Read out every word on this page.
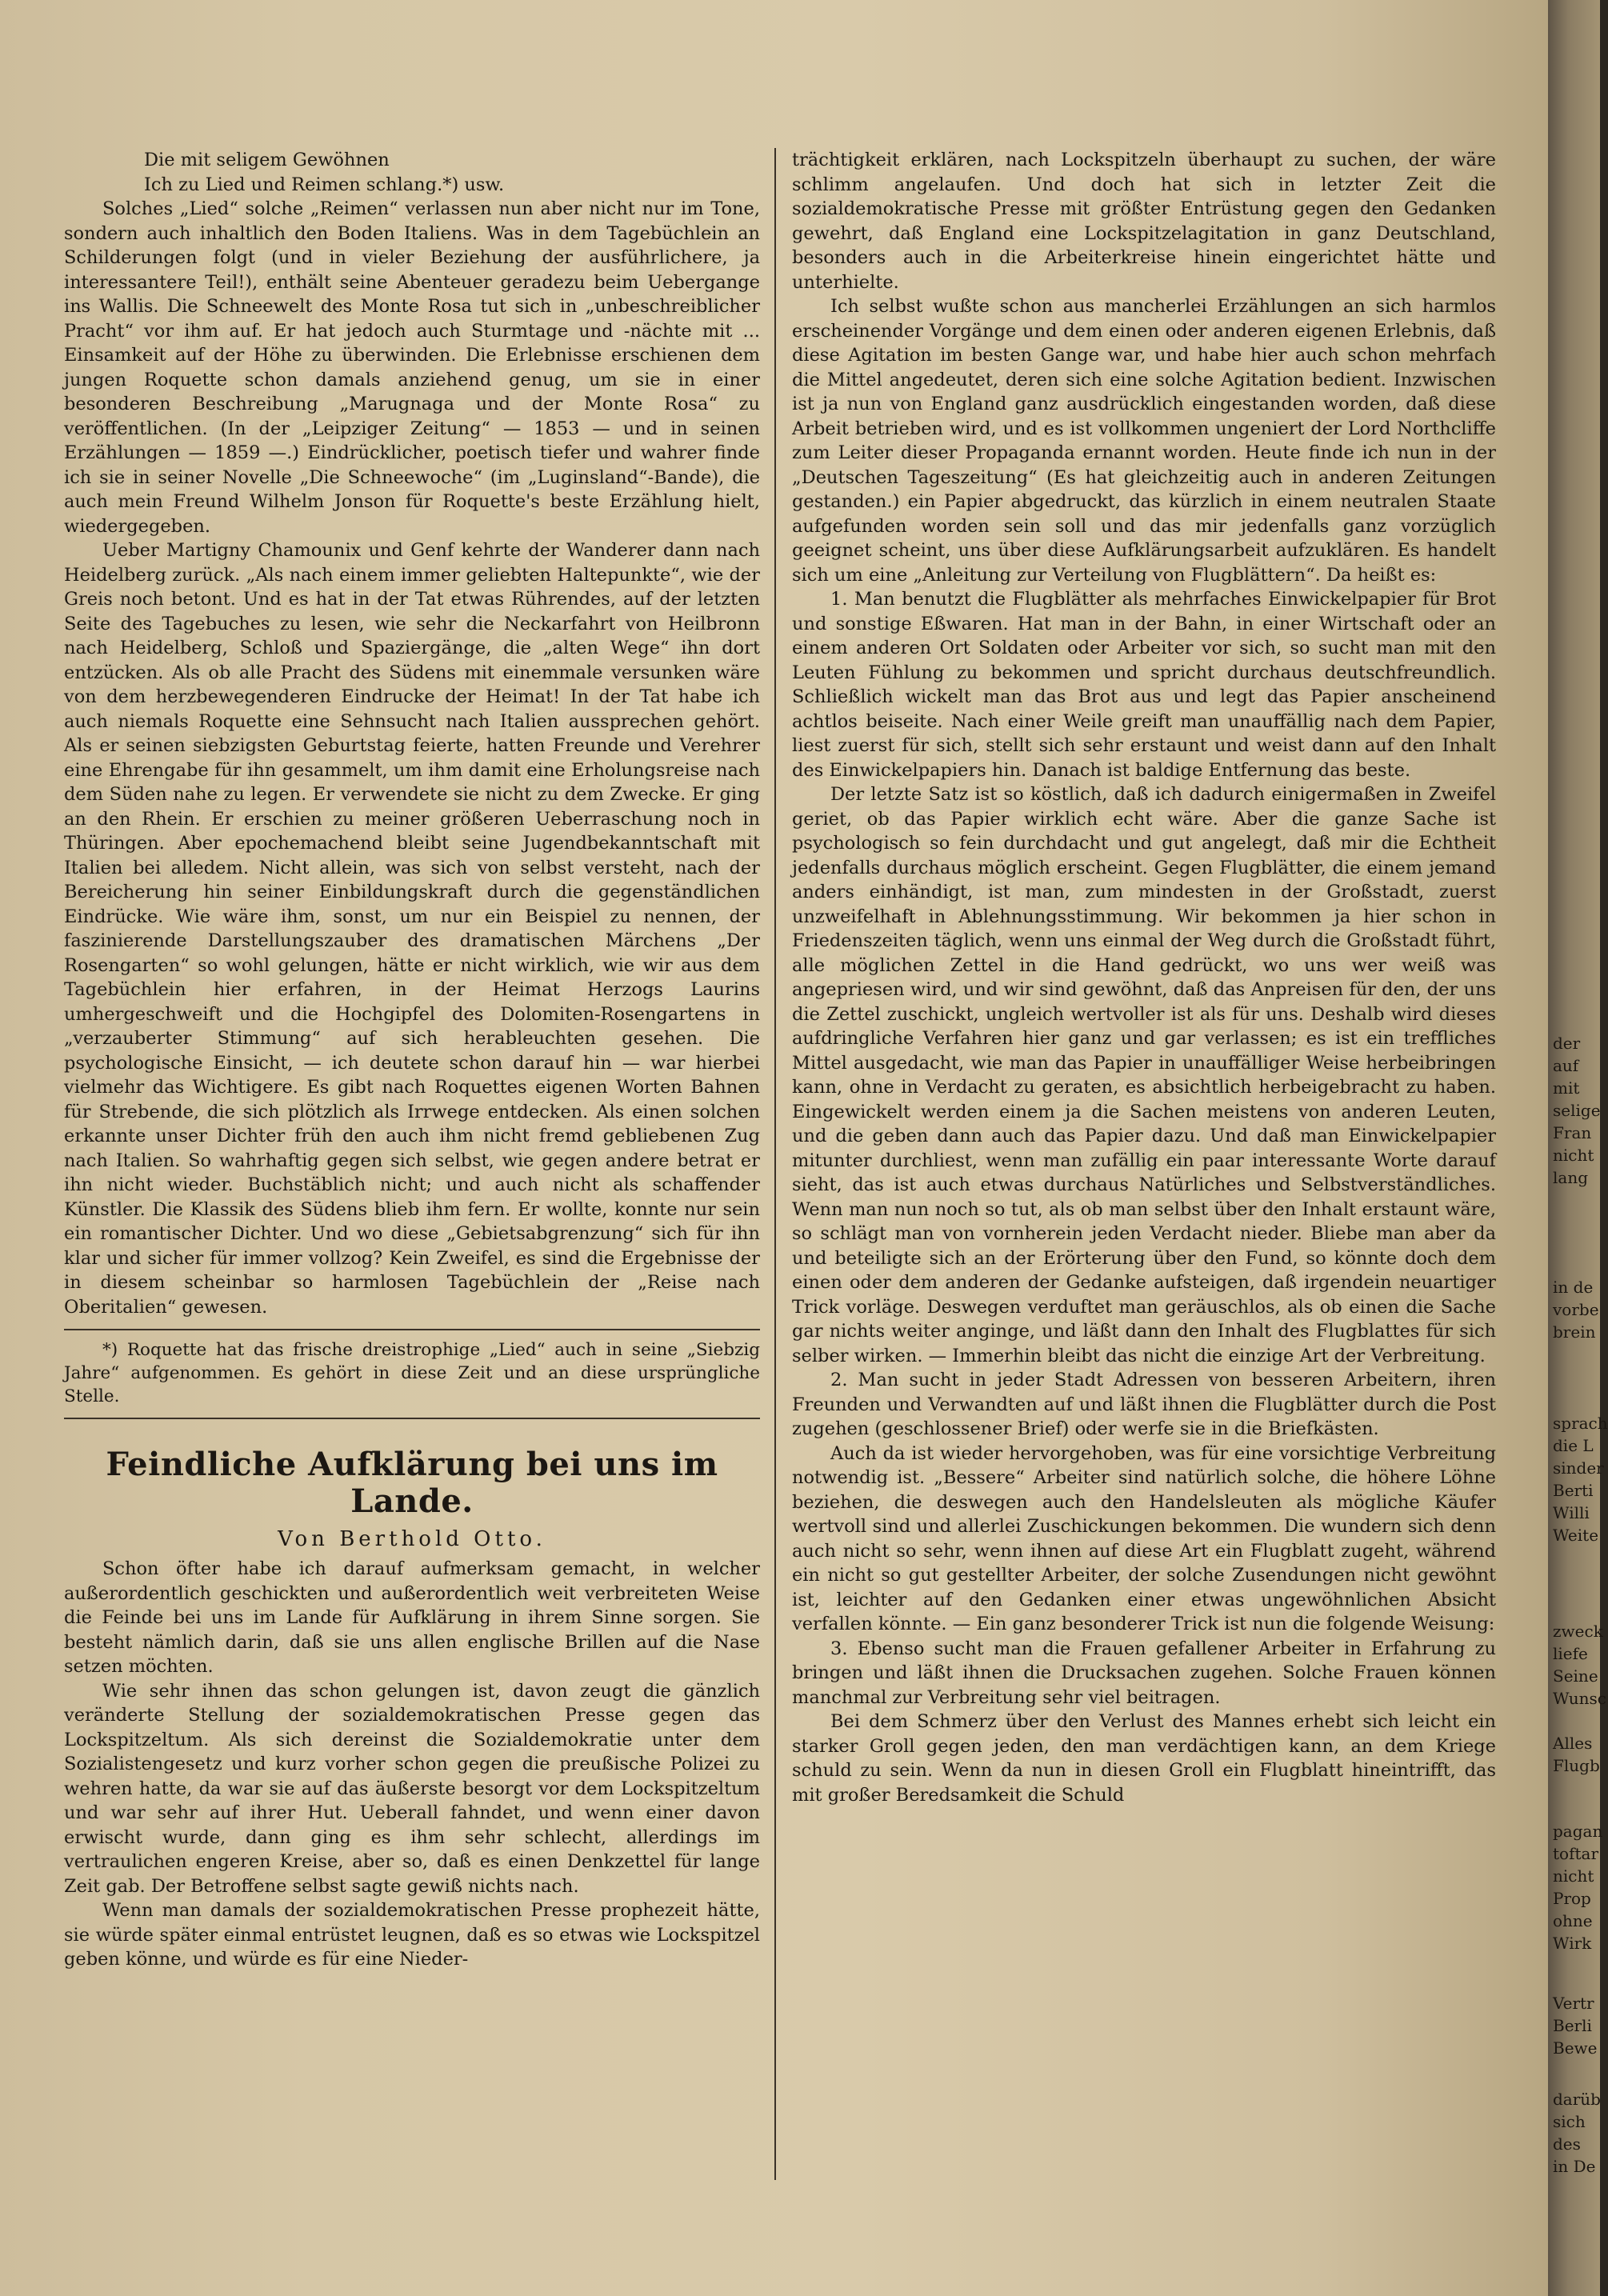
Die mit seligem Gewöhnen
Ich zu Lied und Reimen schlang.*) usw.

Solches „Lied“ solche „Reimen“ verlassen nun aber nicht nur im Tone, sondern auch inhaltlich den Boden Italiens. Was in dem Tagebüchlein an Schilderungen folgt (und in vieler Beziehung der ausführlichere, ja interessantere Teil!), enthält seine Abenteuer geradezu beim Uebergange ins Wallis. Die Schneewelt des Monte Rosa tut sich in „unbeschreiblicher Pracht“ vor ihm auf. Er hat jedoch auch Sturmtage und -nächte mit ... Einsamkeit auf der Höhe zu überwinden. Die Erlebnisse erschienen dem jungen Roquette schon damals anziehend genug, um sie in einer besonderen Beschreibung „Marugnaga und der Monte Rosa“ zu veröffentlichen. (In der „Leipziger Zeitung“ — 1853 — und in seinen Erzählungen — 1859 —.) Eindrücklicher, poetisch tiefer und wahrer finde ich sie in seiner Novelle „Die Schneewoche“ (im „Luginsland“-Bande), die auch mein Freund Wilhelm Jonson für Roquette's beste Erzählung hielt, wiedergegeben.

Ueber Martigny Chamounix und Genf kehrte der Wanderer dann nach Heidelberg zurück. „Als nach einem immer geliebten Haltepunkte“, wie der Greis noch betont. Und es hat in der Tat etwas Rührendes, auf der letzten Seite des Tagebuches zu lesen, wie sehr die Neckarfahrt von Heilbronn nach Heidelberg, Schloß und Spaziergänge, die „alten Wege“ ihn dort entzücken. Als ob alle Pracht des Südens mit einemmale versunken wäre von dem herzbewegenderen Eindrucke der Heimat! In der Tat habe ich auch niemals Roquette eine Sehnsucht nach Italien aussprechen gehört. Als er seinen siebzigsten Geburtstag feierte, hatten Freunde und Verehrer eine Ehrengabe für ihn gesammelt, um ihm damit eine Erholungsreise nach dem Süden nahe zu legen. Er verwendete sie nicht zu dem Zwecke. Er ging an den Rhein. Er erschien zu meiner größeren Ueberraschung noch in Thüringen. Aber epochemachend bleibt seine Jugendbekanntschaft mit Italien bei alledem. Nicht allein, was sich von selbst versteht, nach der Bereicherung hin seiner Einbildungskraft durch die gegenständlichen Eindrücke. Wie wäre ihm, sonst, um nur ein Beispiel zu nennen, der faszinierende Darstellungszauber des dramatischen Märchens „Der Rosengarten“ so wohl gelungen, hätte er nicht wirklich, wie wir aus dem Tagebüchlein hier erfahren, in der Heimat Herzogs Laurins umhergeschweift und die Hochgipfel des Dolomiten-Rosengartens in „verzauberter Stimmung“ auf sich herableuchten gesehen. Die psychologische Einsicht, — ich deutete schon darauf hin — war hierbei vielmehr das Wichtigere. Es gibt nach Roquettes eigenen Worten Bahnen für Strebende, die sich plötzlich als Irrwege entdecken. Als einen solchen erkannte unser Dichter früh den auch ihm nicht fremd gebliebenen Zug nach Italien. So wahrhaftig gegen sich selbst, wie gegen andere betrat er ihn nicht wieder. Buchstäblich nicht; und auch nicht als schaffender Künstler. Die Klassik des Südens blieb ihm fern. Er wollte, konnte nur sein ein romantischer Dichter. Und wo diese „Gebietsabgrenzung“ sich für ihn klar und sicher für immer vollzog? Kein Zweifel, es sind die Ergebnisse der in diesem scheinbar so harmlosen Tagebüchlein der „Reise nach Oberitalien“ gewesen.

*) Roquette hat das frische dreistrophige „Lied“ auch in seine „Siebzig Jahre“ aufgenommen. Es gehört in diese Zeit und an diese ursprüngliche Stelle.

Feindliche Aufklärung bei uns im Lande.
Von Berthold Otto.

Schon öfter habe ich darauf aufmerksam gemacht, in welcher außerordentlich geschickten und außerordentlich weit verbreiteten Weise die Feinde bei uns im Lande für Aufklärung in ihrem Sinne sorgen. Sie besteht nämlich darin, daß sie uns allen englische Brillen auf die Nase setzen möchten.

Wie sehr ihnen das schon gelungen ist, davon zeugt die gänzlich veränderte Stellung der sozialdemokratischen Presse gegen das Lockspitzeltum. Als sich dereinst die Sozialdemokratie unter dem Sozialistengesetz und kurz vorher schon gegen die preußische Polizei zu wehren hatte, da war sie auf das äußerste besorgt vor dem Lockspitzeltum und war sehr auf ihrer Hut. Ueberall fahndet, und wenn einer davon erwischt wurde, dann ging es ihm sehr schlecht, allerdings im vertraulichen engeren Kreise, aber so, daß es einen Denkzettel für lange Zeit gab. Der Betroffene selbst sagte gewiß nichts nach.

Wenn man damals der sozialdemokratischen Presse prophezeit hätte, sie würde später einmal entrüstet leugnen, daß es so etwas wie Lockspitzel geben könne, und würde es für eine Nieder-

trächtigkeit erklären, nach Lockspitzeln überhaupt zu suchen, der wäre schlimm angelaufen. Und doch hat sich in letzter Zeit die sozialdemokratische Presse mit größter Entrüstung gegen den Gedanken gewehrt, daß England eine Lockspitzelagitation in ganz Deutschland, besonders auch in die Arbeiterkreise hinein eingerichtet hätte und unterhielte.

Ich selbst wußte schon aus mancherlei Erzählungen an sich harmlos erscheinender Vorgänge und dem einen oder anderen eigenen Erlebnis, daß diese Agitation im besten Gange war, und habe hier auch schon mehrfach die Mittel angedeutet, deren sich eine solche Agitation bedient. Inzwischen ist ja nun von England ganz ausdrücklich eingestanden worden, daß diese Arbeit betrieben wird, und es ist vollkommen ungeniert der Lord Northcliffe zum Leiter dieser Propaganda ernannt worden. Heute finde ich nun in der „Deutschen Tageszeitung“ (Es hat gleichzeitig auch in anderen Zeitungen gestanden.) ein Papier abgedruckt, das kürzlich in einem neutralen Staate aufgefunden worden sein soll und das mir jedenfalls ganz vorzüglich geeignet scheint, uns über diese Aufklärungsarbeit aufzuklären. Es handelt sich um eine „Anleitung zur Verteilung von Flugblättern“. Da heißt es:

1. Man benutzt die Flugblätter als mehrfaches Einwickelpapier für Brot und sonstige Eßwaren. Hat man in der Bahn, in einer Wirtschaft oder an einem anderen Ort Soldaten oder Arbeiter vor sich, so sucht man mit den Leuten Fühlung zu bekommen und spricht durchaus deutschfreundlich. Schließlich wickelt man das Brot aus und legt das Papier anscheinend achtlos beiseite. Nach einer Weile greift man unauffällig nach dem Papier, liest zuerst für sich, stellt sich sehr erstaunt und weist dann auf den Inhalt des Einwickelpapiers hin. Danach ist baldige Entfernung das beste.

Der letzte Satz ist so köstlich, daß ich dadurch einigermaßen in Zweifel geriet, ob das Papier wirklich echt wäre. Aber die ganze Sache ist psychologisch so fein durchdacht und gut angelegt, daß mir die Echtheit jedenfalls durchaus möglich erscheint. Gegen Flugblätter, die einem jemand anders einhändigt, ist man, zum mindesten in der Großstadt, zuerst unzweifelhaft in Ablehnungsstimmung. Wir bekommen ja hier schon in Friedenszeiten täglich, wenn uns einmal der Weg durch die Großstadt führt, alle möglichen Zettel in die Hand gedrückt, wo uns wer weiß was angepriesen wird, und wir sind gewöhnt, daß das Anpreisen für den, der uns die Zettel zuschickt, ungleich wertvoller ist als für uns. Deshalb wird dieses aufdringliche Verfahren hier ganz und gar verlassen; es ist ein treffliches Mittel ausgedacht, wie man das Papier in unauffälliger Weise herbeibringen kann, ohne in Verdacht zu geraten, es absichtlich herbeigebracht zu haben. Eingewickelt werden einem ja die Sachen meistens von anderen Leuten, und die geben dann auch das Papier dazu. Und daß man Einwickelpapier mitunter durchliest, wenn man zufällig ein paar interessante Worte darauf sieht, das ist auch etwas durchaus Natürliches und Selbstverständliches. Wenn man nun noch so tut, als ob man selbst über den Inhalt erstaunt wäre, so schlägt man von vornherein jeden Verdacht nieder. Bliebe man aber da und beteiligte sich an der Erörterung über den Fund, so könnte doch dem einen oder dem anderen der Gedanke aufsteigen, daß irgendein neuartiger Trick vorläge. Deswegen verduftet man geräuschlos, als ob einen die Sache gar nichts weiter anginge, und läßt dann den Inhalt des Flugblattes für sich selber wirken. — Immerhin bleibt das nicht die einzige Art der Verbreitung.

2. Man sucht in jeder Stadt Adressen von besseren Arbeitern, ihren Freunden und Verwandten auf und läßt ihnen die Flugblätter durch die Post zugehen (geschlossener Brief) oder werfe sie in die Briefkästen.

Auch da ist wieder hervorgehoben, was für eine vorsichtige Verbreitung notwendig ist. „Bessere“ Arbeiter sind natürlich solche, die höhere Löhne beziehen, die deswegen auch den Handelsleuten als mögliche Käufer wertvoll sind und allerlei Zuschickungen bekommen. Die wundern sich denn auch nicht so sehr, wenn ihnen auf diese Art ein Flugblatt zugeht, während ein nicht so gut gestellter Arbeiter, der solche Zusendungen nicht gewöhnt ist, leichter auf den Gedanken einer etwas ungewöhnlichen Absicht verfallen könnte. — Ein ganz besonderer Trick ist nun die folgende Weisung:

3. Ebenso sucht man die Frauen gefallener Arbeiter in Erfahrung zu bringen und läßt ihnen die Drucksachen zugehen. Solche Frauen können manchmal zur Verbreitung sehr viel beitragen.

Bei dem Schmerz über den Verlust des Mannes erhebt sich leicht ein starker Groll gegen jeden, den man verdächtigen kann, an dem Kriege schuld zu sein. Wenn da nun in diesen Groll ein Flugblatt hineintrifft, das mit großer Beredsamkeit die Schuld

der
auf
mit
selige
Fran
nicht
lang
in de
vorbe
brein
sprach
die L
sinder
Berti
Willi
Weite
zweck
liefe
Seine
Wunsc
Alles
Flugb
pagan
toftar
nicht
Prop
ohne
Wirk
Vertr
Berli
Bewe
darüb
sich
des
in De
